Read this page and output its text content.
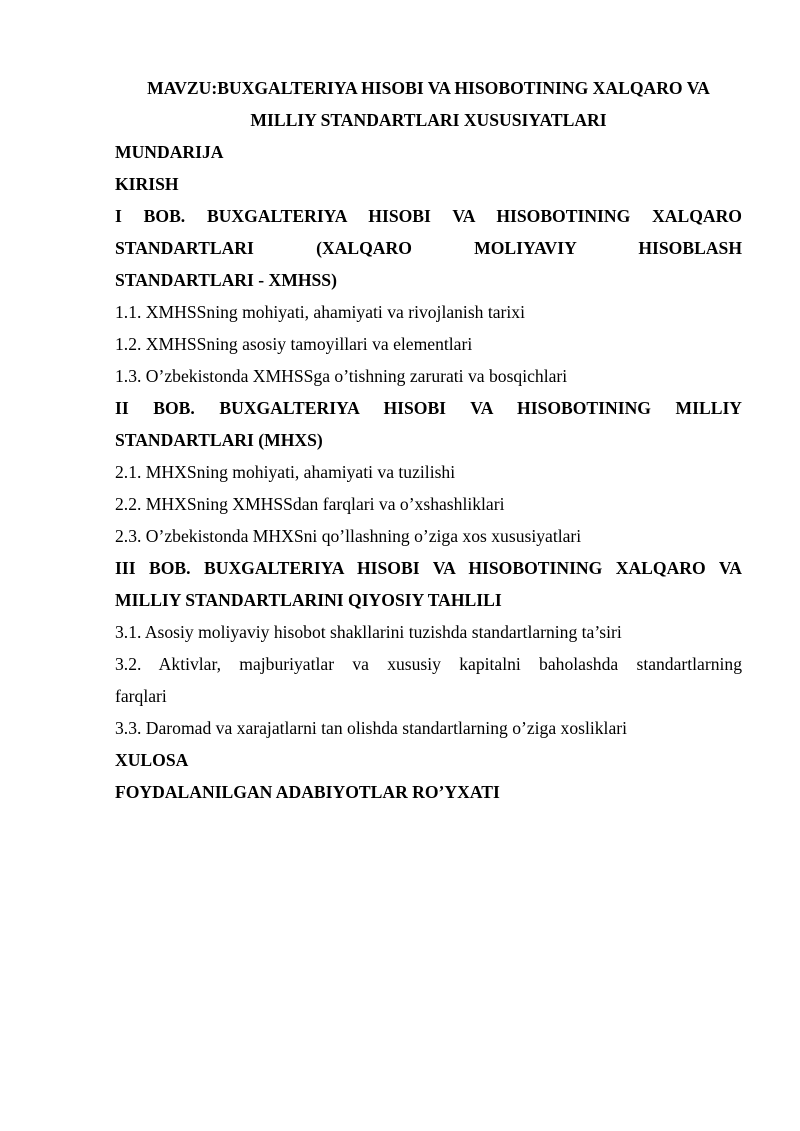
MAVZU:BUXGALTERIYA HISOBI VA HISOBOTINING XALQARO VA
MILLIY STANDARTLARI XUSUSIYATLARI
MUNDARIJA
KIRISH
I BOB. BUXGALTERIYA HISOBI VA HISOBOTINING XALQARO
STANDARTLARI (XALQARO MOLIYAVIY HISOBLASH
STANDARTLARI - XMHSS)
1.1. XMHSSning mohiyati, ahamiyati va rivojlanish tarixi
1.2. XMHSSning asosiy tamoyillari va elementlari
1.3. O’zbekistonda XMHSSga o’tishning zarurati va bosqichlari
II BOB. BUXGALTERIYA HISOBI VA HISOBOTINING MILLIY
STANDARTLARI (MHXS)
2.1. MHXSning mohiyati, ahamiyati va tuzilishi
2.2. MHXSning XMHSSdan farqlari va o’xshashliklari
2.3. O’zbekistonda MHXSni qo’llashning o’ziga xos xususiyatlari
III BOB. BUXGALTERIYA HISOBI VA HISOBOTINING XALQARO VA
MILLIY STANDARTLARINI QIYOSIY TAHLILI
3.1. Asosiy moliyaviy hisobot shakllarini tuzishda standartlarning ta’siri
3.2. Aktivlar, majburiyatlar va xususiy kapitalni baholashda standartlarning
farqlari
3.3. Daromad va xarajatlarni tan olishda standartlarning o’ziga xosliklari
XULOSA
FOYDALANILGAN ADABIYOTLAR RO’YXATI
